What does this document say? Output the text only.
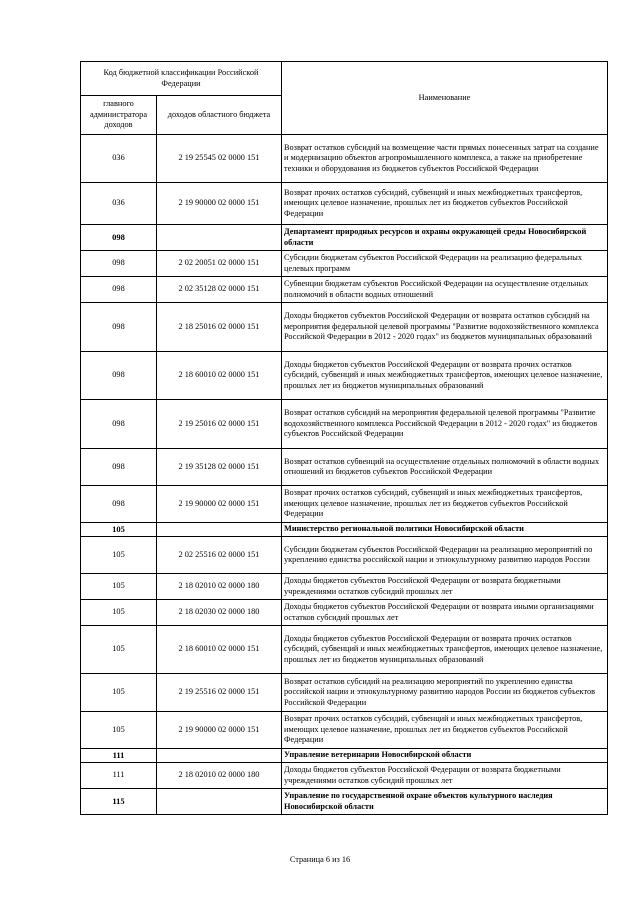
Код бюджетной классификации Российской Федерации		Наименование
главного администратора доходов	доходов областного бюджета	
036	2 19 25545 02 0000 151	Возврат остатков субсидий на возмещение части прямых понесенных затрат на создание и модернизацию объектов агропромышленного комплекса, а также на приобретение техники и оборудования из бюджетов субъектов Российской Федерации
036	2 19 90000 02 0000 151	Возврат прочих остатков субсидий, субвенций и иных межбюджетных трансфертов, имеющих целевое назначение, прошлых лет из бюджетов субъектов Российской Федерации
098		Департамент природных ресурсов и охраны окружающей среды Новосибирской области
098	2 02 20051 02 0000 151	Субсидии бюджетам субъектов Российской Федерации на реализацию федеральных целевых программ
098	2 02 35128 02 0000 151	Субвенции бюджетам субъектов Российской Федерации на осуществление отдельных полномочий в области водных отношений
098	2 18 25016 02 0000 151	Доходы бюджетов субъектов Российской Федерации от возврата остатков субсидий на мероприятия федеральной целевой программы "Развитие водохозяйственного комплекса Российской Федерации в 2012 - 2020 годах" из бюджетов муниципальных образований
098	2 18 60010 02 0000 151	Доходы бюджетов субъектов Российской Федерации от возврата прочих остатков субсидий, субвенций и иных межбюджетных трансфертов, имеющих целевое назначение, прошлых лет из бюджетов муниципальных образований
098	2 19 25016 02 0000 151	Возврат остатков субсидий на мероприятия федеральной целевой программы "Развитие водохозяйственного комплекса Российской Федерации в 2012 - 2020 годах" из бюджетов субъектов Российской Федерации
098	2 19 35128 02 0000 151	Возврат остатков субвенций на осуществление отдельных полномочий в области водных отношений из бюджетов субъектов Российской Федерации
098	2 19 90000 02 0000 151	Возврат прочих остатков субсидий, субвенций и иных межбюджетных трансфертов, имеющих целевое назначение, прошлых лет из бюджетов субъектов Российской Федерации
105		Министерство региональной политики Новосибирской области
105	2 02 25516 02 0000 151	Субсидии бюджетам субъектов Российской Федерации на реализацию мероприятий по укреплению единства российской нации и этнокультурному развитию народов России
105	2 18 02010 02 0000 180	Доходы бюджетов субъектов Российской Федерации от возврата бюджетными учреждениями остатков субсидий прошлых лет
105	2 18 02030 02 0000 180	Доходы бюджетов субъектов Российской Федерации от возврата иными организациями остатков субсидий прошлых лет
105	2 18 60010 02 0000 151	Доходы бюджетов субъектов Российской Федерации от возврата прочих остатков субсидий, субвенций и иных межбюджетных трансфертов, имеющих целевое назначение, прошлых лет из бюджетов муниципальных образований
105	2 19 25516 02 0000 151	Возврат остатков субсидий на реализацию мероприятий по укреплению единства российской нации и этнокультурному развитию народов России из бюджетов субъектов Российской Федерации
105	2 19 90000 02 0000 151	Возврат прочих остатков субсидий, субвенций и иных межбюджетных трансфертов, имеющих целевое назначение, прошлых лет из бюджетов субъектов Российской Федерации
111		Управление ветеринарии Новосибирской области
111	2 18 02010 02 0000 180	Доходы бюджетов субъектов Российской Федерации от возврата бюджетными учреждениями остатков субсидий прошлых лет
115		Управление по государственной охране объектов культурного наследия Новосибирской области
Страница 6 из 16
